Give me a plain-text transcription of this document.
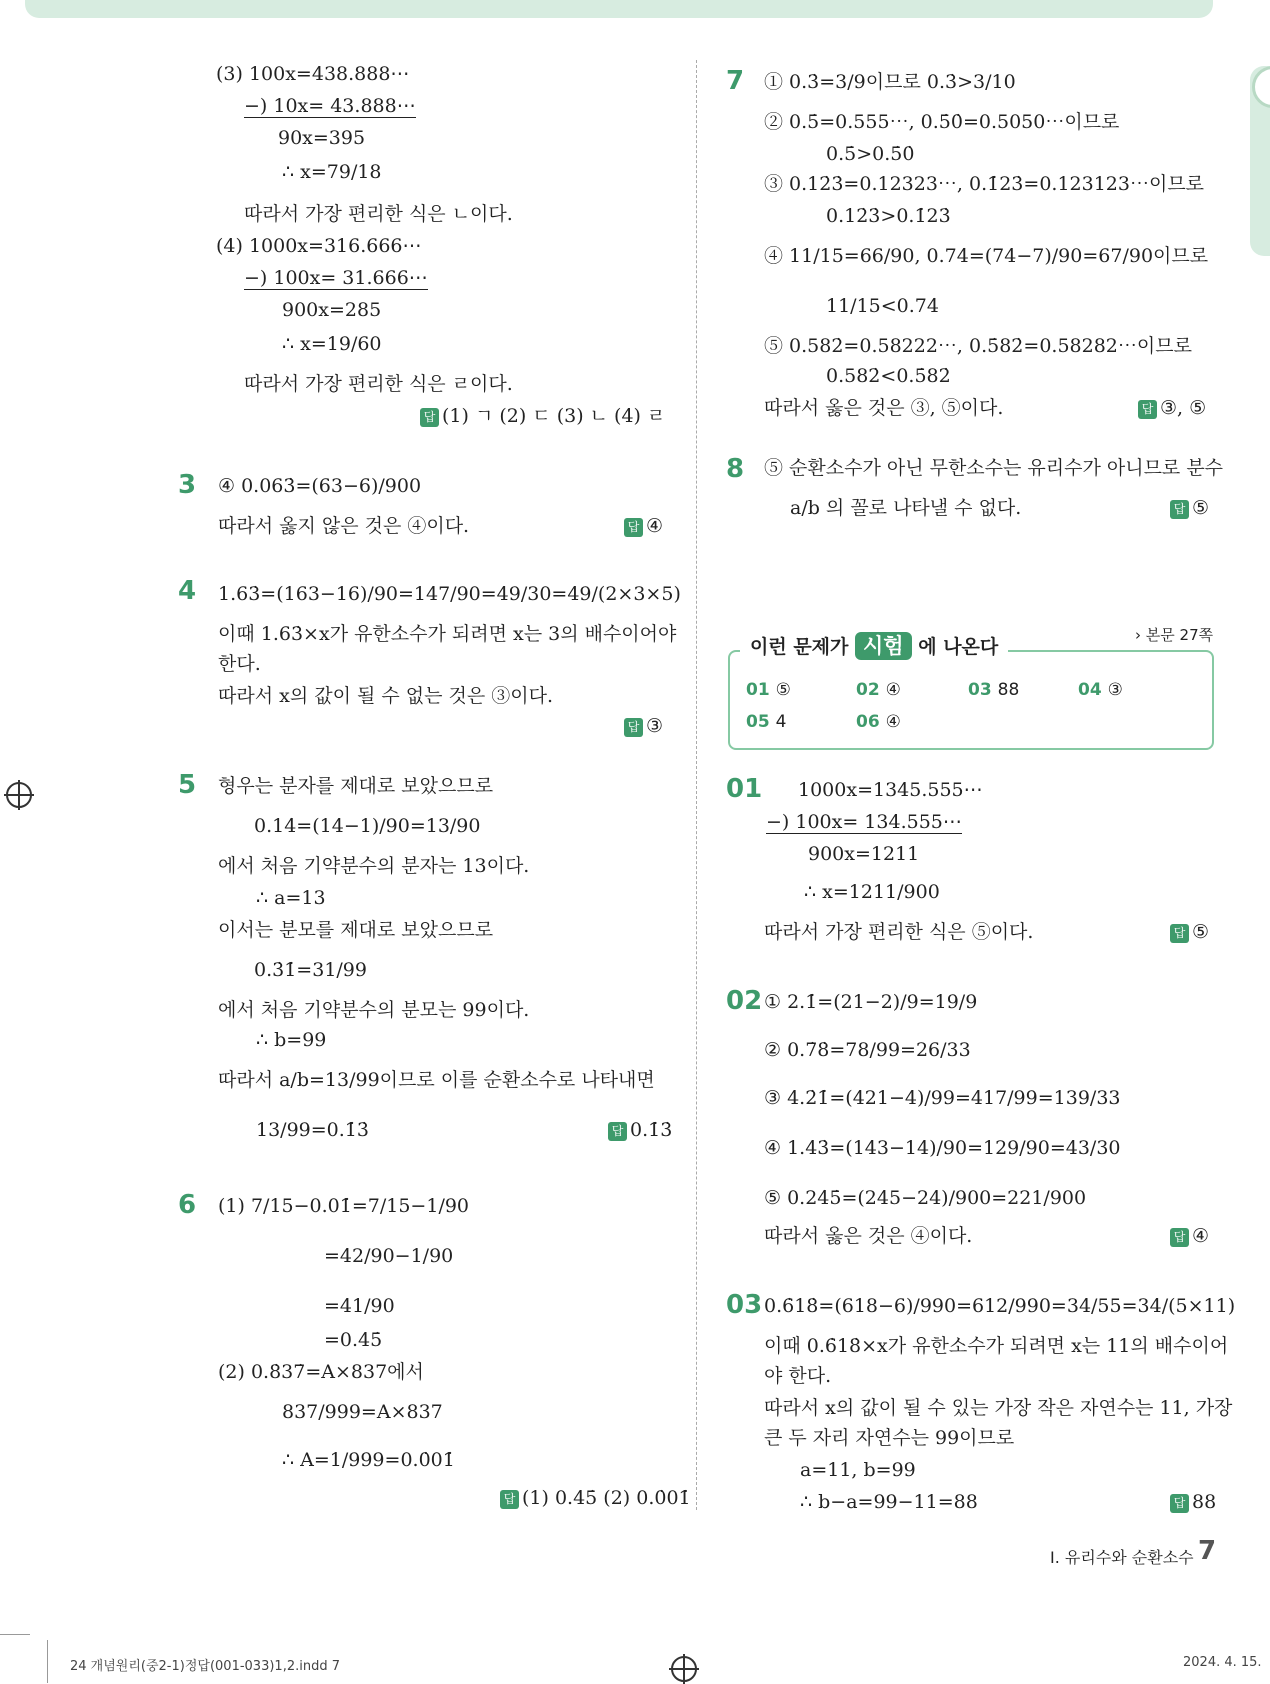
(3) 100x=438.888⋯
−) 10x= 43.888⋯
90x=395
∴ x=79/18
따라서 가장 편리한 식은 ㄴ이다.
(4) 1000x=316.666⋯
−) 100x= 31.666⋯
900x=285
∴ x=19/60
따라서 가장 편리한 식은 ㄹ이다.
답 (1) ㄱ (2) ㄷ (3) ㄴ (4) ㄹ
3 ④ 0.063̇=(63−6)/900
따라서 옳지 않은 것은 ④이다.	답 ④
4 1.63̇=(163−16)/90=147/90=49/30=49/(2×3×5)
이때 1.63̇×x가 유한소수가 되려면 x는 3의 배수이어야
한다.
따라서 x의 값이 될 수 없는 것은 ③이다.
답 ③
5 형우는 분자를 제대로 보았으므로
0.14̇=(14−1)/90=13/90
에서 처음 기약분수의 분자는 13이다.
∴ a=13
이서는 분모를 제대로 보았으므로
0.3̇1̇=31/99
에서 처음 기약분수의 분모는 99이다.
∴ b=99
따라서 a/b=13/99이므로 이를 순환소수로 나타내면
13/99=0.1̇3̇	답 0.1̇3̇
6 (1) 7/15−0.01̇=7/15−1/90
=42/90−1/90
=41/90
=0.45̇
(2) 0.8̇37̇=A×837에서
837/999=A×837
∴ A=1/999=0.0̇01̇
답 (1) 0.45̇ (2) 0.0̇01̇
7 ① 0.3̇=3/9이므로 0.3̇>3/10
② 0.5̇=0.555⋯, 0.5̇0̇=0.5050⋯이므로
0.5̇>0.5̇0̇
③ 0.12̇3̇=0.12323⋯, 0.1̇23̇=0.123123⋯이므로
0.12̇3̇>0.1̇23̇
④ 11/15=66/90, 0.74̇=(74−7)/90=67/90이므로
11/15<0.74̇
⑤ 0.582̇=0.58222⋯, 0.5̇82̇=0.58282⋯이므로
0.582̇<0.5̇82̇
따라서 옳은 것은 ③, ⑤이다.	답 ③, ⑤
8 ⑤ 순환소수가 아닌 무한소수는 유리수가 아니므로 분수
a/b 의 꼴로 나타낼 수 없다.	답 ⑤
이런 문제가 시험 에 나온다
› 본문 27쪽
01 ⑤	02 ④	03 88	04 ③
05 4	06 ④
01 1000x=1345.555⋯
−) 100x= 134.555⋯
900x=1211
∴ x=1211/900
따라서 가장 편리한 식은 ⑤이다.	답 ⑤
02 ① 2.1̇=(21−2)/9=19/9
② 0.7̇8̇=78/99=26/33
③ 4.2̇1̇=(421−4)/99=417/99=139/33
④ 1.43̇=(143−14)/90=129/90=43/30
⑤ 0.24̇5̇=(245−24)/900=221/900
따라서 옳은 것은 ④이다.	답 ④
03 0.6̇18̇=(618−6)/990=612/990=34/55=34/(5×11)
이때 0.6̇18̇×x가 유한소수가 되려면 x는 11의 배수이어
야 한다.
따라서 x의 값이 될 수 있는 가장 작은 자연수는 11, 가장
큰 두 자리 자연수는 99이므로
a=11, b=99
∴ b−a=99−11=88	답 88
Ⅰ. 유리수와 순환소수 7
24 개념원리(중2-1)정답(001-033)1,2.indd 7	2024. 4. 15.
